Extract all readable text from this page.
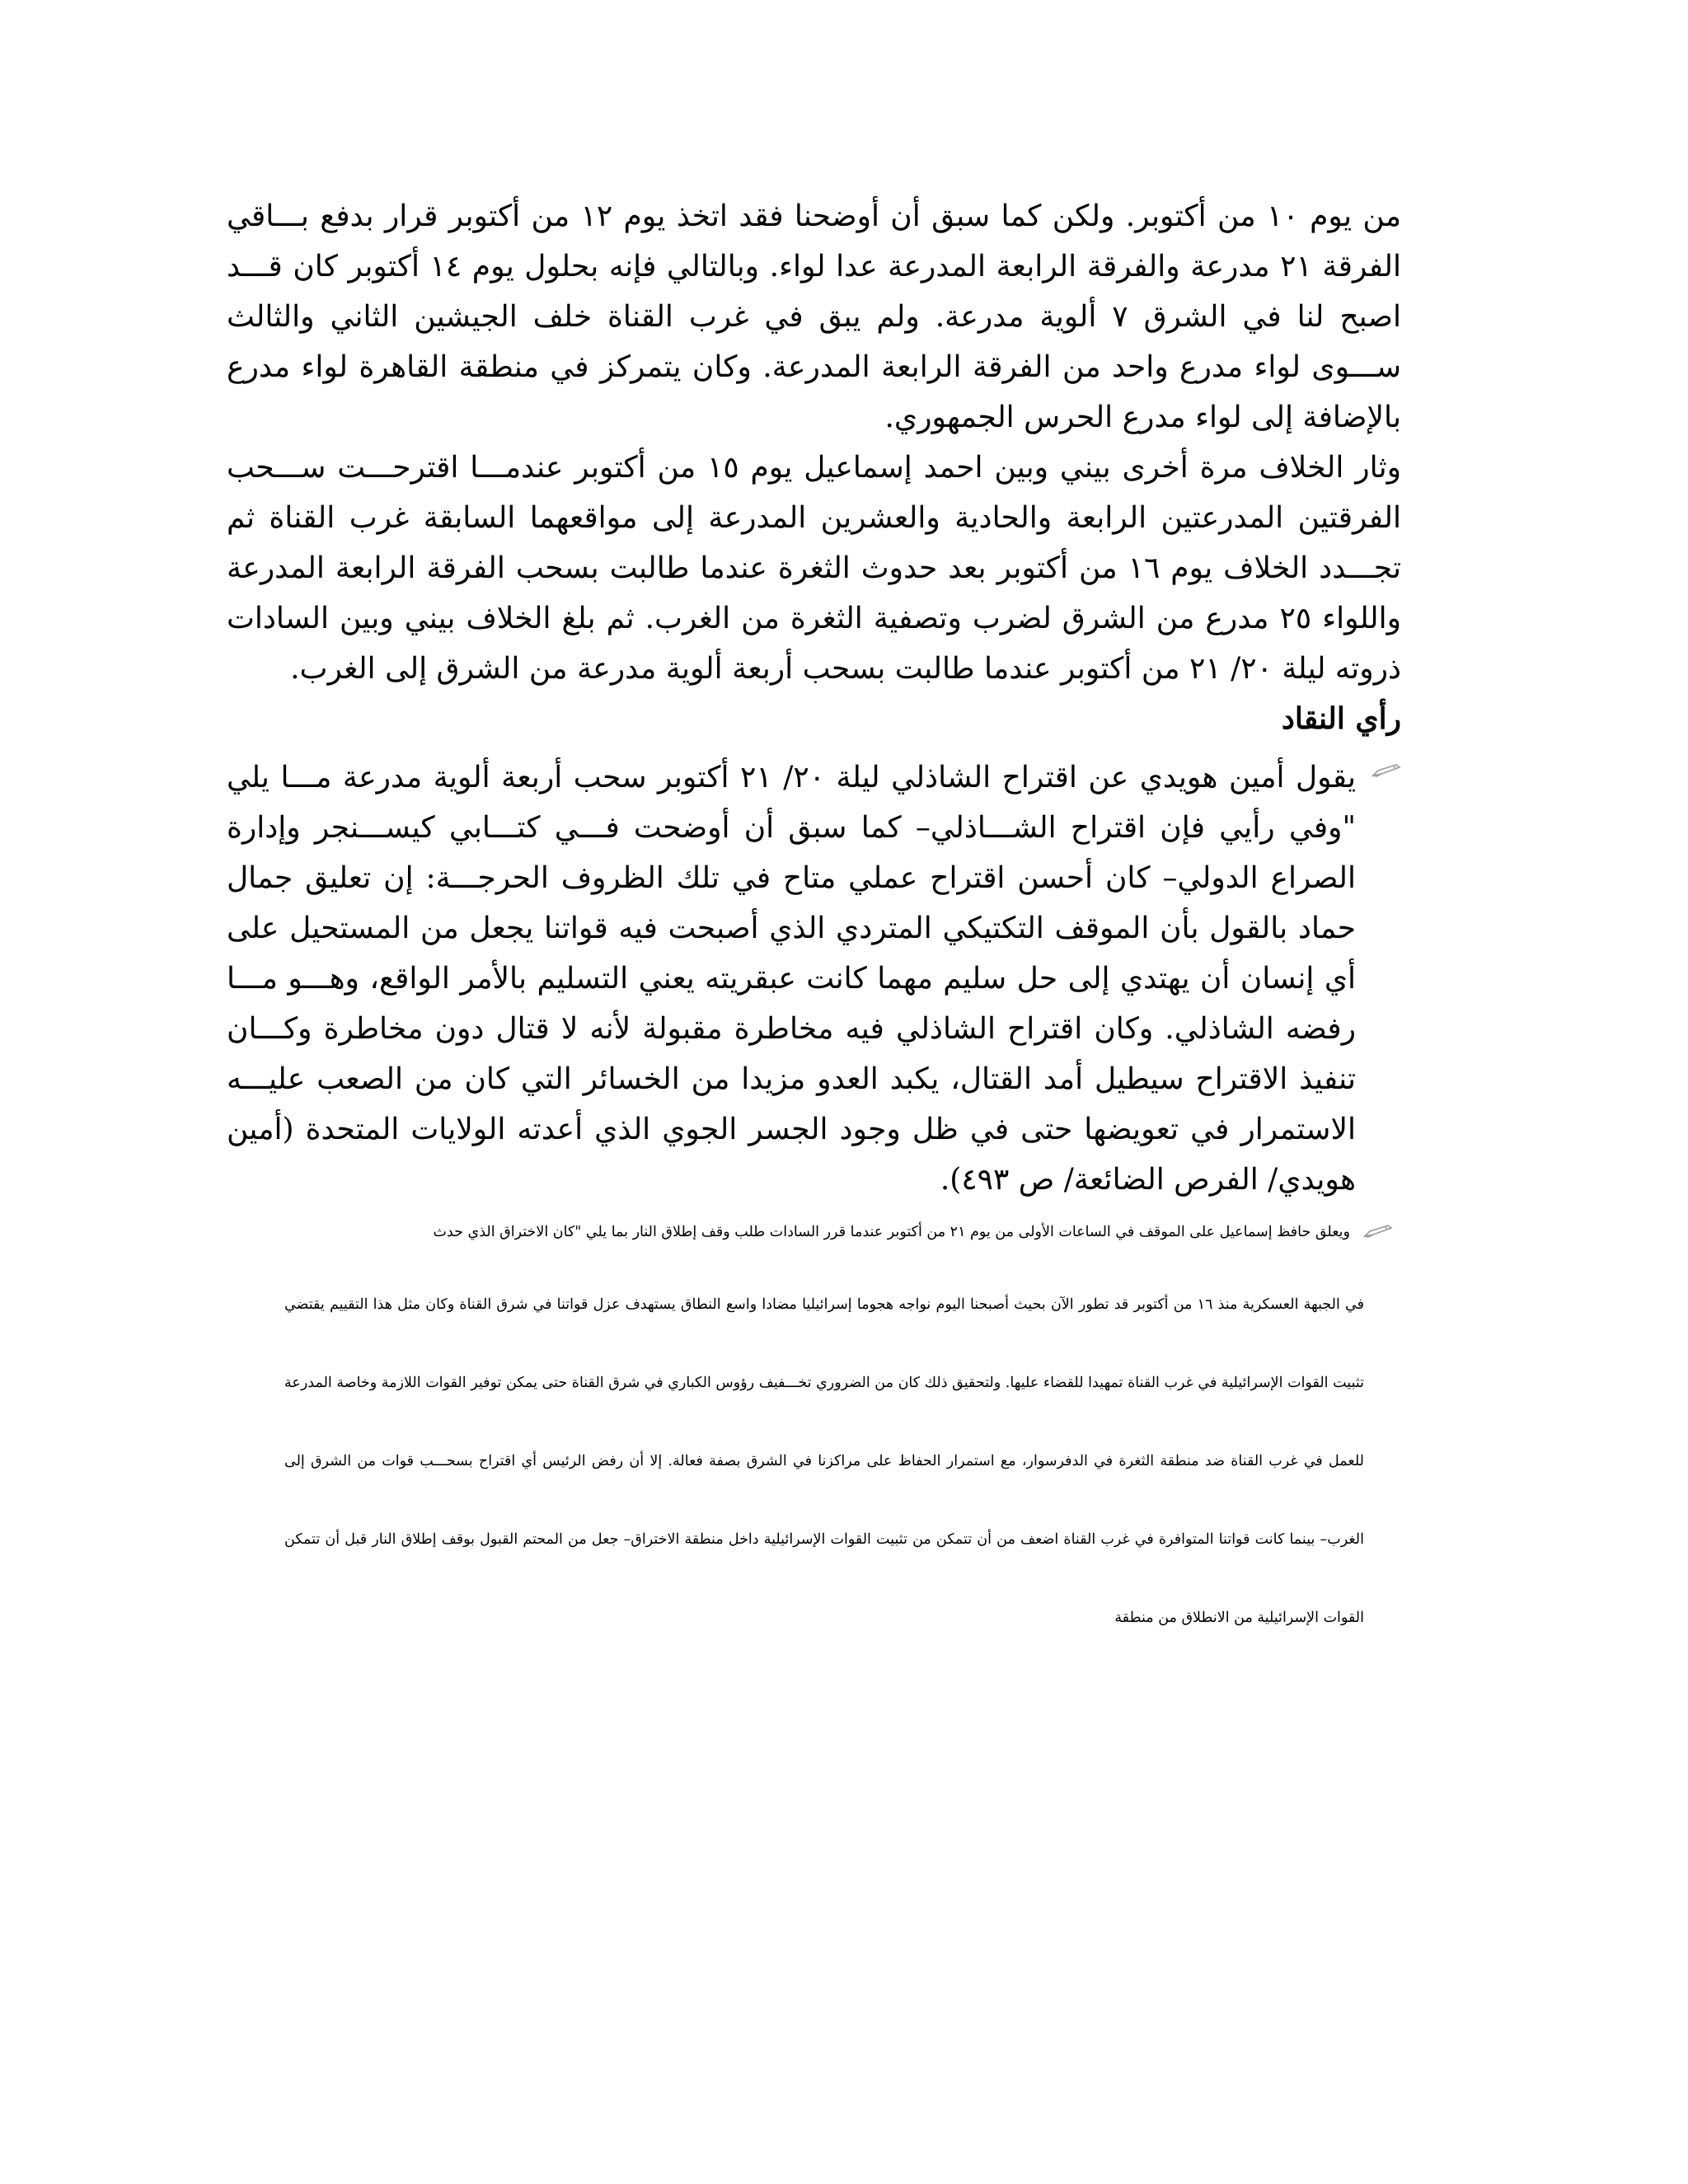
من يوم ١٠ من أكتوبر. ولكن كما سبق أن أوضحنا فقد اتخذ يوم ١٢ من أكتوبر قرار بدفع بـــاقي الفرقة ٢١ مدرعة والفرقة الرابعة المدرعة عدا لواء. وبالتالي فإنه بحلول يوم ١٤ أكتوبر كان قـــد اصبح لنا في الشرق ٧ ألوية مدرعة. ولم يبق في غرب القناة خلف الجيشين الثاني والثالث ســـوى لواء مدرع واحد من الفرقة الرابعة المدرعة. وكان يتمركز في منطقة القاهرة لواء مدرع بالإضافة إلى لواء مدرع الحرس الجمهوري.

وثار الخلاف مرة أخرى بيني وبين احمد إسماعيل يوم ١٥ من أكتوبر عندمـــا اقترحـــت ســـحب الفرقتين المدرعتين الرابعة والحادية والعشرين المدرعة إلى مواقعهما السابقة غرب القناة ثم تجـــدد الخلاف يوم ١٦ من أكتوبر بعد حدوث الثغرة عندما طالبت بسحب الفرقة الرابعة المدرعة واللواء ٢٥ مدرع من الشرق لضرب وتصفية الثغرة من الغرب. ثم بلغ الخلاف بيني وبين السادات ذروته ليلة ٢٠/ ٢١ من أكتوبر عندما طالبت بسحب أربعة ألوية مدرعة من الشرق إلى الغرب.

رأي النقاد

يقول أمين هويدي عن اقتراح الشاذلي ليلة ٢٠/ ٢١ أكتوبر سحب أربعة ألوية مدرعة مـــا يلي "وفي رأيي فإن اقتراح الشـــاذلي– كما سبق أن أوضحت فـــي كتـــابي كيســـنجر وإدارة الصراع الدولي– كان أحسن اقتراح عملي متاح في تلك الظروف الحرجـــة: إن تعليق جمال حماد بالقول بأن الموقف التكتيكي المتردي الذي أصبحت فيه قواتنا يجعل من المستحيل على أي إنسان أن يهتدي إلى حل سليم مهما كانت عبقريته يعني التسليم بالأمر الواقع، وهـــو مـــا رفضه الشاذلي. وكان اقتراح الشاذلي فيه مخاطرة مقبولة لأنه لا قتال دون مخاطرة وكـــان تنفيذ الاقتراح سيطيل أمد القتال، يكبد العدو مزيدا من الخسائر التي كان من الصعب عليـــه الاستمرار في تعويضها حتى في ظل وجود الجسر الجوي الذي أعدته الولايات المتحدة (أمين هويدي/ الفرص الضائعة/ ص ٤٩٣).

ويعلق حافظ إسماعيل على الموقف في الساعات الأولى من يوم ٢١ من أكتوبر عندما قرر السادات طلب وقف إطلاق النار بما يلي "كان الاختراق الذي حدث

في الجبهة العسكرية منذ ١٦ من أكتوبر قد تطور الآن بحيث أصبحنا اليوم نواجه هجوما إسرائيليا مضادا واسع النطاق يستهدف عزل قواتنا في شرق القناة وكان مثل هذا التقييم يقتضي تثبيت القوات الإسرائيلية في غرب القناة تمهيدا للقضاء عليها. ولتحقيق ذلك كان من الضروري تخـــفيف رؤوس الكباري في شرق القناة حتى يمكن توفير القوات اللازمة وخاصة المدرعة للعمل في غرب القناة ضد منطقة الثغرة في الدفرسوار، مع استمرار الحفاظ على مراكزنا في الشرق بصفة فعالة. إلا أن رفض الرئيس أي اقتراح بسحـــب قوات من الشرق إلى الغرب– بينما كانت قواتنا المتوافرة في غرب القناة اضعف من أن تتمكن من تثبيت القوات الإسرائيلية داخل منطقة الاختراق– جعل من المحتم القبول بوقف إطلاق النار قبل أن تتمكن القوات الإسرائيلية من الانطلاق من منطقة
